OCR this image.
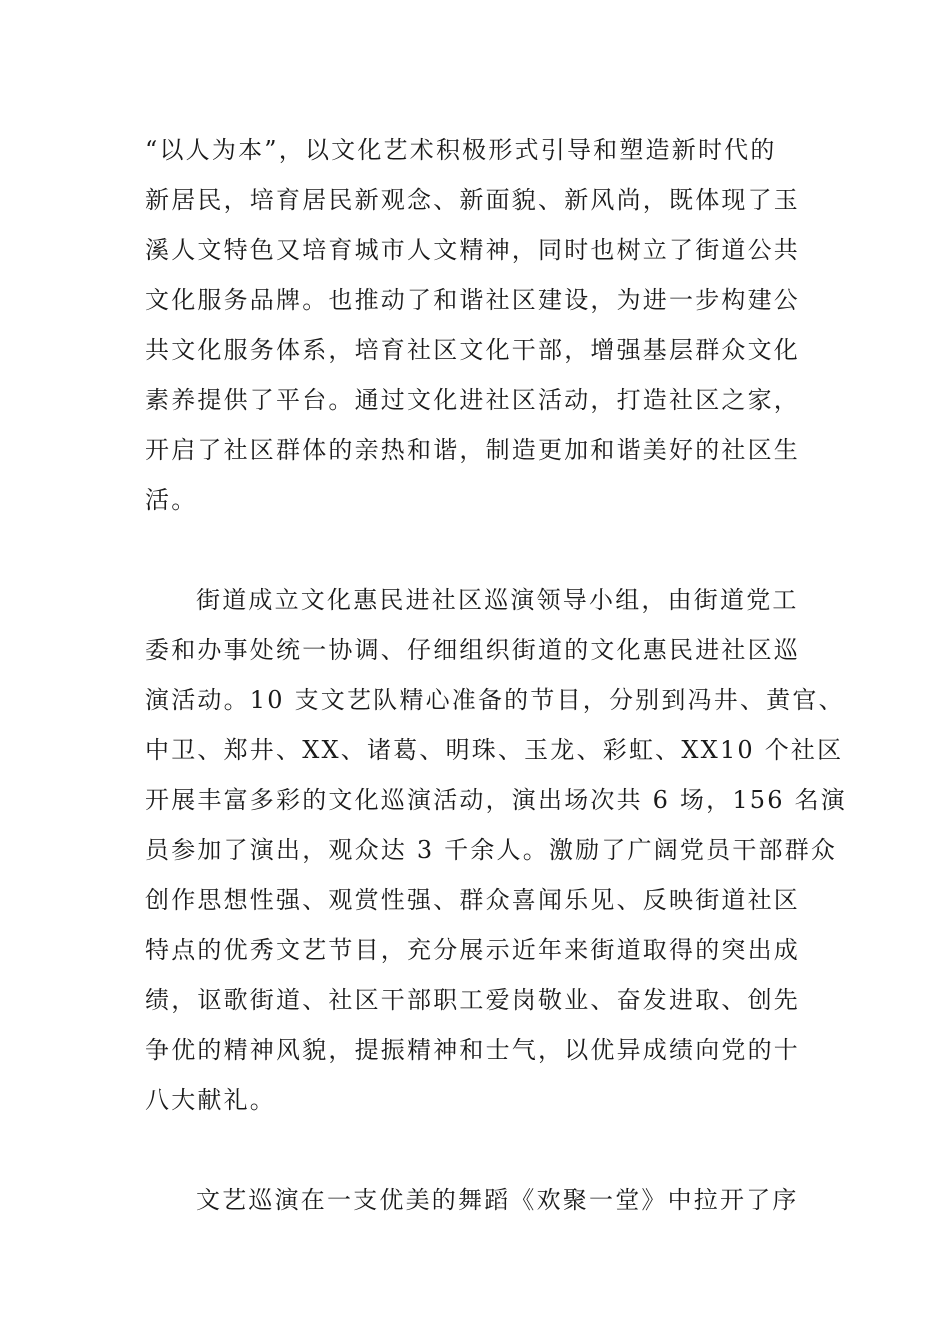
“以人为本”，以文化艺术积极形式引导和塑造新时代的
新居民，培育居民新观念、新面貌、新风尚，既体现了玉
溪人文特色又培育城市人文精神，同时也树立了街道公共
文化服务品牌。也推动了和谐社区建设，为进一步构建公
共文化服务体系，培育社区文化干部，增强基层群众文化
素养提供了平台。通过文化进社区活动，打造社区之家，
开启了社区群体的亲热和谐，制造更加和谐美好的社区生
活。
街道成立文化惠民进社区巡演领导小组，由街道党工
委和办事处统一协调、仔细组织街道的文化惠民进社区巡
演活动。10 支文艺队精心准备的节目，分别到冯井、黄官、
中卫、郑井、XX、诸葛、明珠、玉龙、彩虹、XX10 个社区
开展丰富多彩的文化巡演活动，演出场次共 6 场，156 名演
员参加了演出，观众达 3 千余人。激励了广阔党员干部群众
创作思想性强、观赏性强、群众喜闻乐见、反映街道社区
特点的优秀文艺节目，充分展示近年来街道取得的突出成
绩，讴歌街道、社区干部职工爱岗敬业、奋发进取、创先
争优的精神风貌，提振精神和士气，以优异成绩向党的十
八大献礼。
文艺巡演在一支优美的舞蹈《欢聚一堂》中拉开了序
